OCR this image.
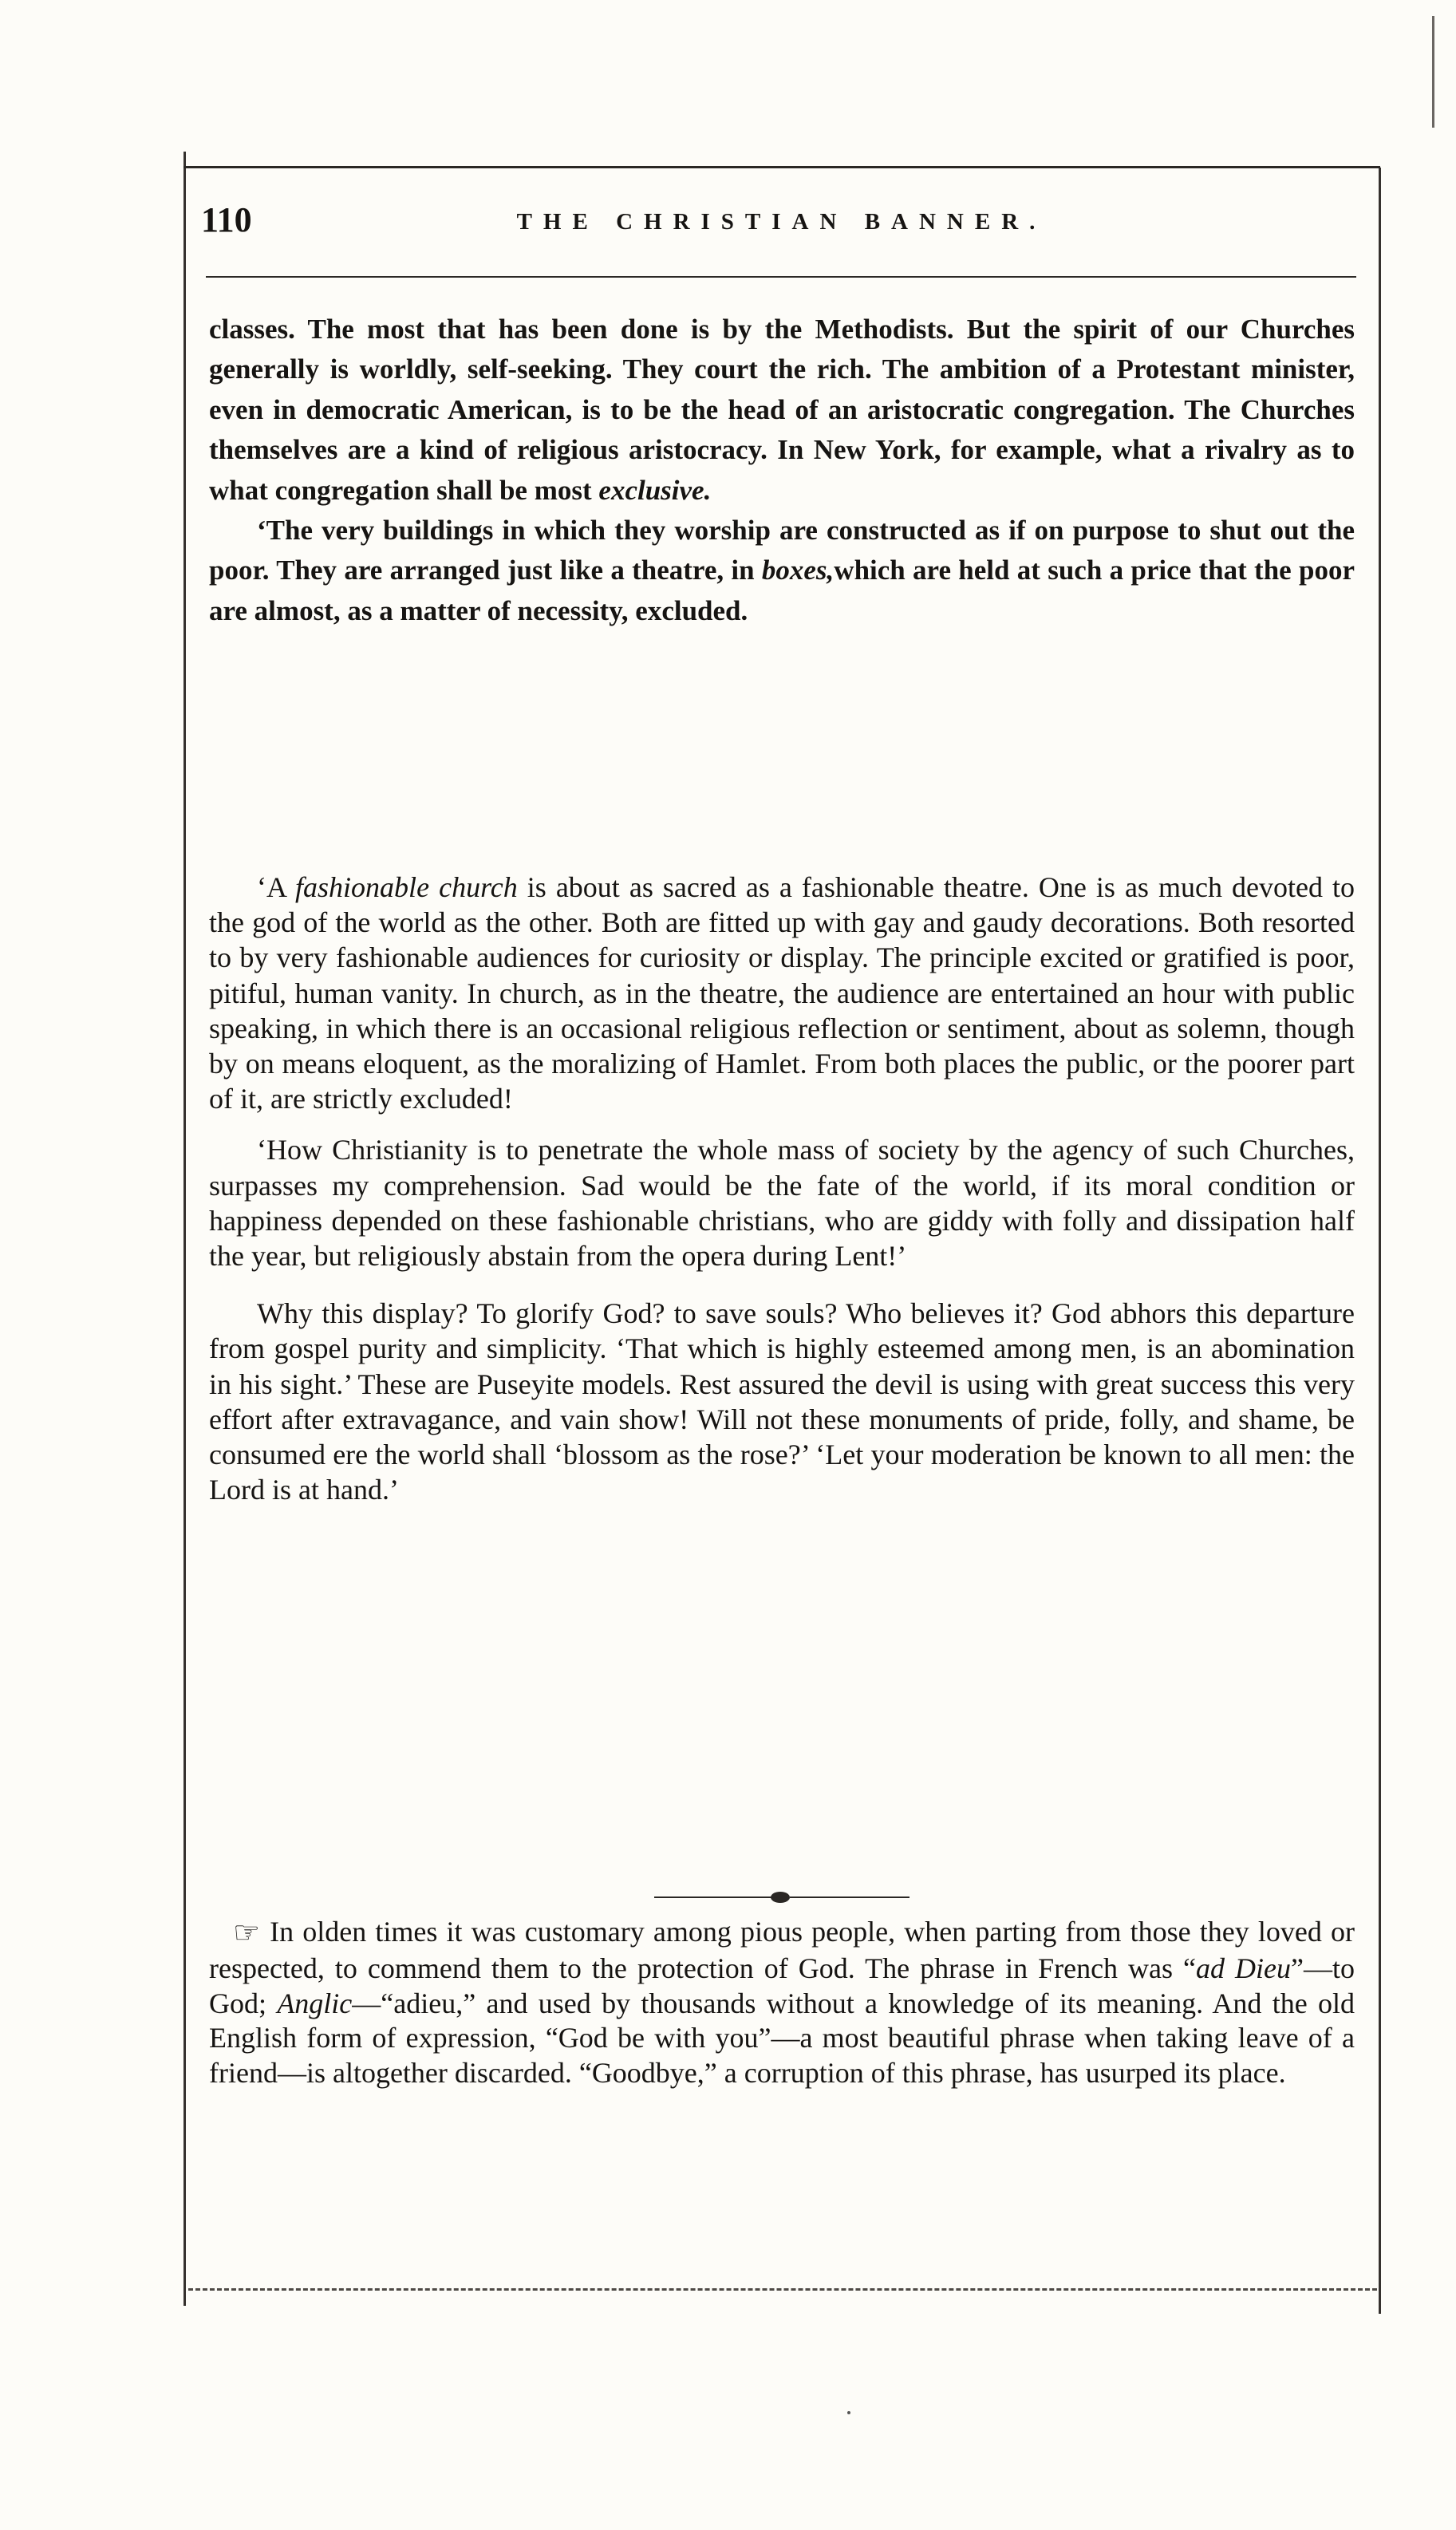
110	THE CHRISTIAN BANNER.

classes. The most that has been done is by the Methodists. But the spirit of our Churches generally is worldly, self-seeking. They court the rich. The ambition of a Protestant minister, even in democratic American, is to be the head of an aristocratic congregation. The Churches themselves are a kind of religious aristocracy. In New York, for example, what a rivalry as to what congregation shall be most exclusive.

‘The very buildings in which they worship are constructed as if on purpose to shut out the poor. They are arranged just like a theatre, in boxes,which are held at such a price that the poor are almost, as a matter of necessity, excluded.

‘A fashionable church is about as sacred as a fashionable theatre. One is as much devoted to the god of the world as the other. Both are fitted up with gay and gaudy decorations. Both resorted to by very fashionable audiences for curiosity or display. The principle excited or gratified is poor, pitiful, human vanity. In church, as in the theatre, the audience are entertained an hour with public speaking, in which there is an occasional religious reflection or sentiment, about as solemn, though by on means eloquent, as the moralizing of Hamlet. From both places the public, or the poorer part of it, are strictly excluded!

‘How Christianity is to penetrate the whole mass of society by the agency of such Churches, surpasses my comprehension. Sad would be the fate of the world, if its moral condition or happiness depended on these fashionable christians, who are giddy with folly and dissipation half the year, but religiously abstain from the opera during Lent!’

Why this display? To glorify God? to save souls? Who believes it? God abhors this departure from gospel purity and simplicity. ‘That which is highly esteemed among men, is an abomination in his sight.’ These are Puseyite models. Rest assured the devil is using with great success this very effort after extravagance, and vain show! Will not these monuments of pride, folly, and shame, be consumed ere the world shall ‘blossom as the rose?’ ‘Let your moderation be known to all men: the Lord is at hand.’

☞ In olden times it was customary among pious people, when parting from those they loved or respected, to commend them to the protection of God. The phrase in French was “ad Dieu”—to God; Anglic—“adieu,” and used by thousands without a knowledge of its meaning. And the old English form of expression, “God be with you”—a most beautiful phrase when taking leave of a friend—is altogether discarded. “Goodbye,” a corruption of this phrase, has usurped its place.
